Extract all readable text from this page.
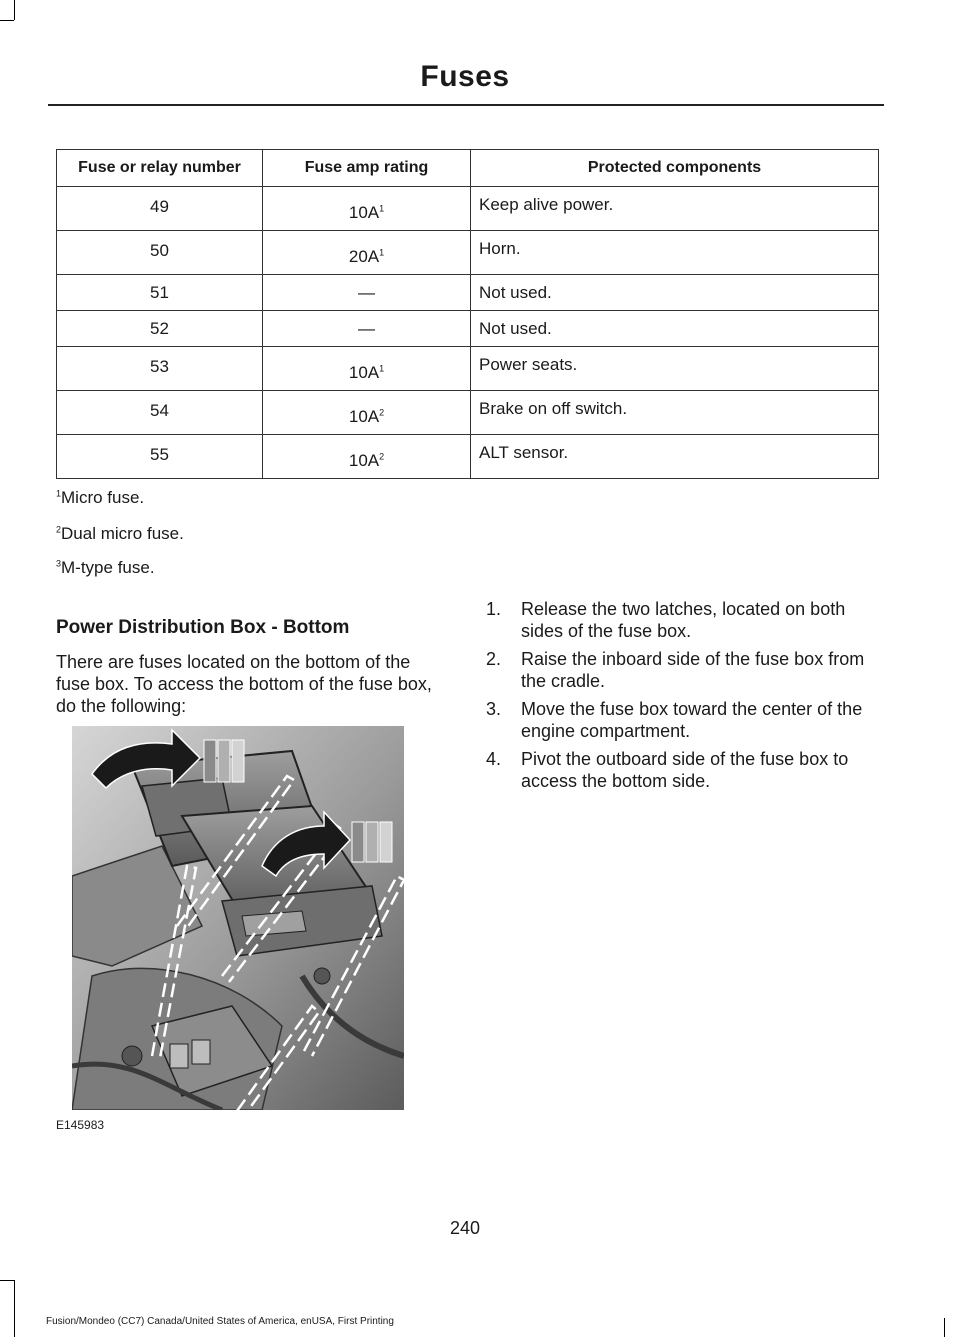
Fuses
Fuse or relay number	Fuse amp rating	Protected components
49	$10A^1$	Keep alive power.
50	$20A^1$	Horn.
51	—	Not used.
52	—	Not used.
53	$10A^1$	Power seats.
54	$10A^2$	Brake on off switch.
55	$10A^2$	ALT sensor.
$^1$Micro fuse.
$^2$Dual micro fuse.
$^3$M-type fuse.
Power Distribution Box - Bottom
There are fuses located on the bottom of the fuse box. To access the bottom of the fuse box, do the following:
1. Release the two latches, located on both sides of the fuse box.
2. Raise the inboard side of the fuse box from the cradle.
3. Move the fuse box toward the center of the engine compartment.
4. Pivot the outboard side of the fuse box to access the bottom side.
E145983
240
Fusion/Mondeo (CC7) Canada/United States of America, enUSA, First Printing
